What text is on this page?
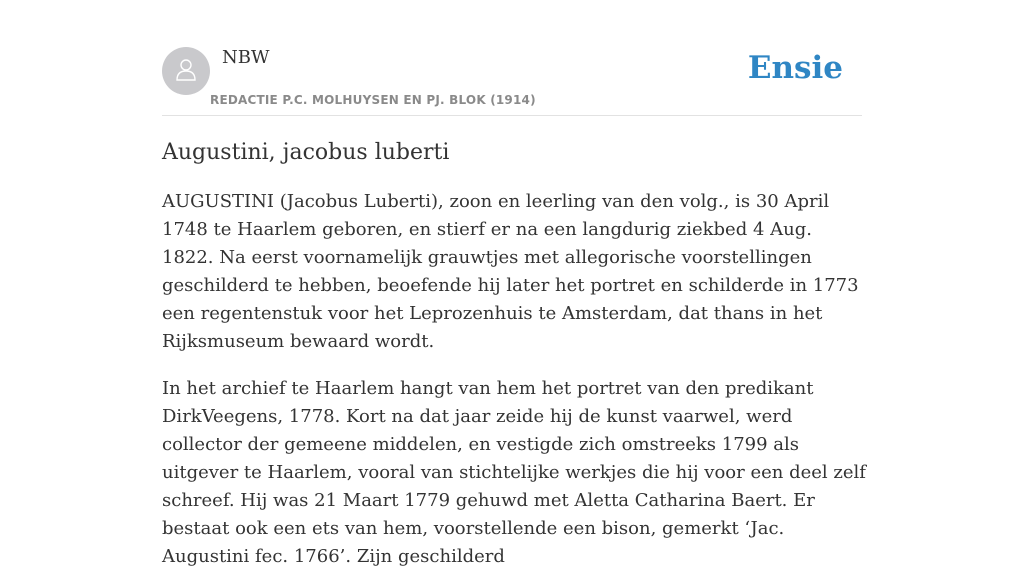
NBW
REDACTIE P.C. MOLHUYSEN EN PJ. BLOK (1914)
Ensie
Augustini, jacobus luberti

AUGUSTINI (Jacobus Luberti), zoon en leerling van den volg., is 30 April 1748 te Haarlem geboren, en stierf er na een langdurig ziekbed 4 Aug. 1822. Na eerst voornamelijk grauwtjes met allegorische voorstellingen geschilderd te hebben, beoefende hij later het portret en schilderde in 1773 een regentenstuk voor het Leprozenhuis te Amsterdam, dat thans in het Rijksmuseum bewaard wordt.

In het archief te Haarlem hangt van hem het portret van den predikant DirkVeegens, 1778. Kort na dat jaar zeide hij de kunst vaarwel, werd collector der gemeene middelen, en vestigde zich omstreeks 1799 als uitgever te Haarlem, vooral van stichtelijke werkjes die hij voor een deel zelf schreef. Hij was 21 Maart 1779 gehuwd met Aletta Catharina Baert. Er bestaat ook een ets van hem, voorstellende een bison, gemerkt ‘Jac. Augustini fec. 1766’. Zijn geschilderd
